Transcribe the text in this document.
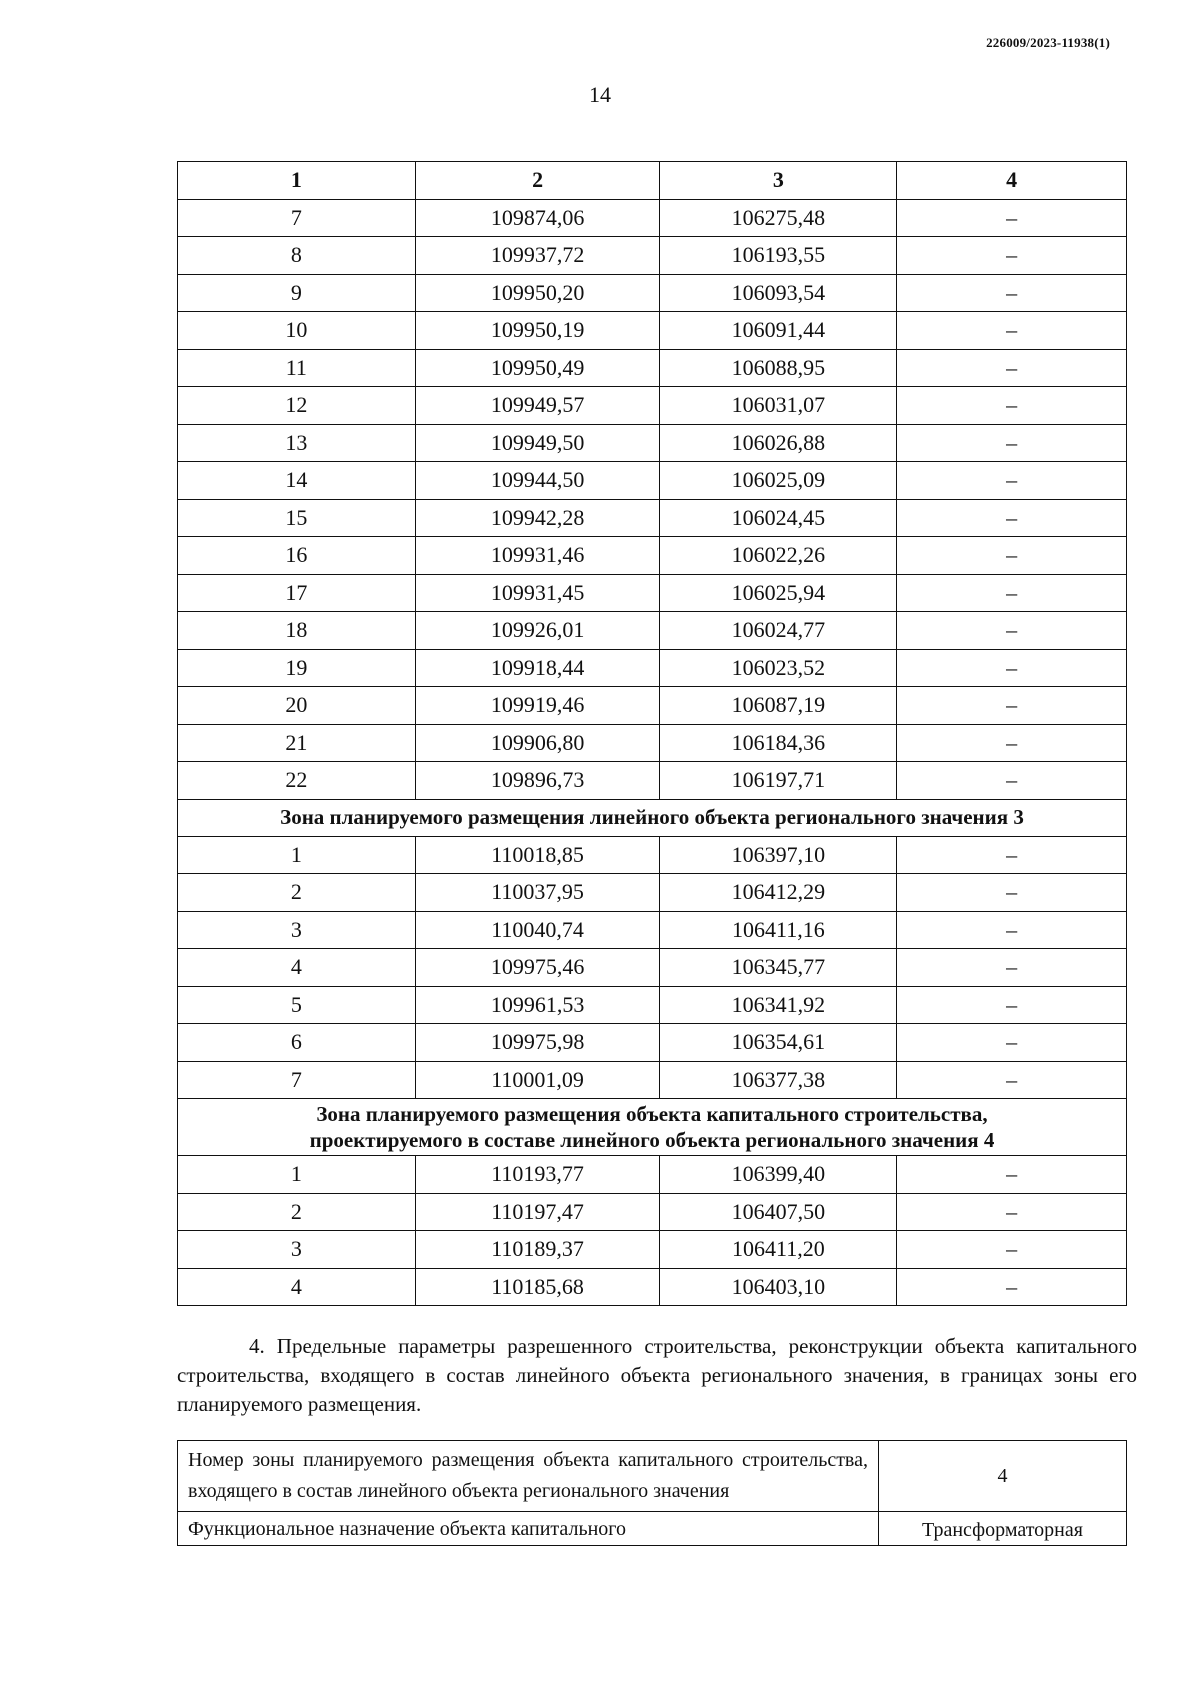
226009/2023-11938(1)
14
1	2	3	4
7	109874,06	106275,48	–
8	109937,72	106193,55	–
9	109950,20	106093,54	–
10	109950,19	106091,44	–
11	109950,49	106088,95	–
12	109949,57	106031,07	–
13	109949,50	106026,88	–
14	109944,50	106025,09	–
15	109942,28	106024,45	–
16	109931,46	106022,26	–
17	109931,45	106025,94	–
18	109926,01	106024,77	–
19	109918,44	106023,52	–
20	109919,46	106087,19	–
21	109906,80	106184,36	–
22	109896,73	106197,71	–
Зона планируемого размещения линейного объекта регионального значения 3			
1	110018,85	106397,10	–
2	110037,95	106412,29	–
3	110040,74	106411,16	–
4	109975,46	106345,77	–
5	109961,53	106341,92	–
6	109975,98	106354,61	–
7	110001,09	106377,38	–
Зона планируемого размещения объекта капитального строительства,
проектируемого в составе линейного объекта регионального значения 4			
1	110193,77	106399,40	–
2	110197,47	106407,50	–
3	110189,37	106411,20	–
4	110185,68	106403,10	–
4. Предельные параметры разрешенного строительства, реконструкции объекта капитального строительства, входящего в состав линейного объекта регионального значения, в границах зоны его планируемого размещения.
Номер зоны планируемого размещения объекта капитального строительства, входящего в состав линейного объекта регионального значения	4
Функциональное назначение объекта капитального	Трансформаторная
